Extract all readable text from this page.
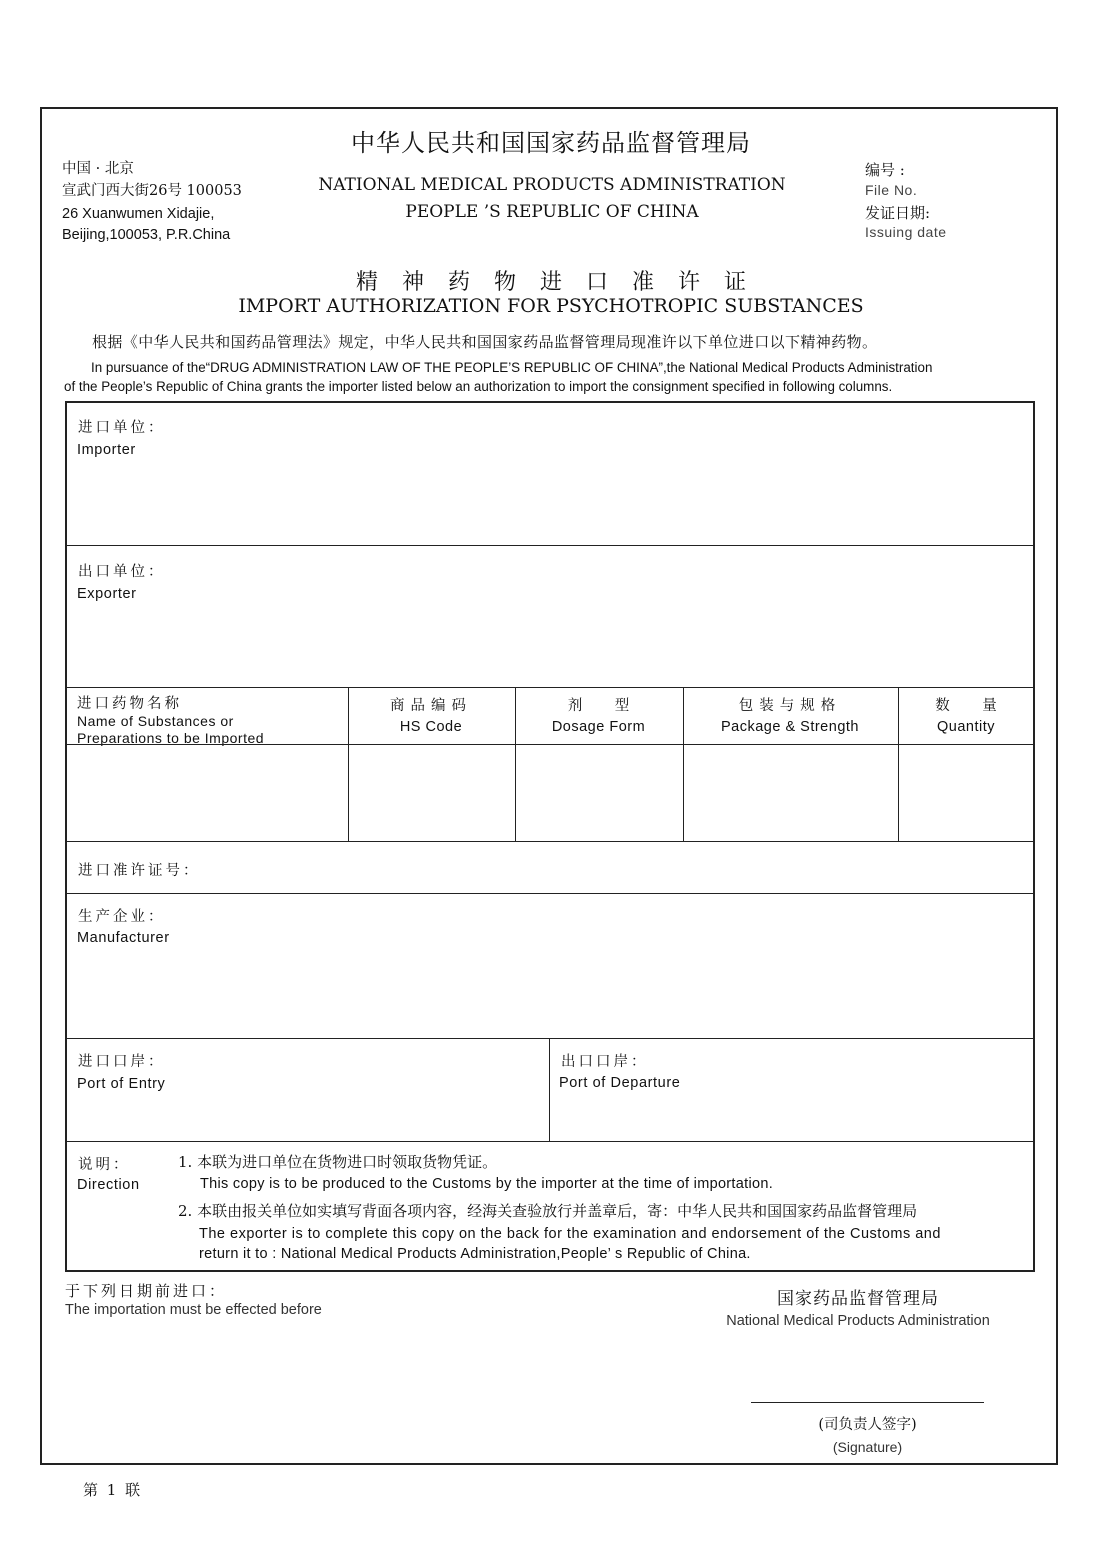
中华人民共和国国家药品监督管理局
中国 · 北京
宣武门西大街26号 100053
26 Xuanwumen Xidajie,
Beijing,100053, P.R.China
NATIONAL MEDICAL PRODUCTS ADMINISTRATION
PEOPLE ’S REPUBLIC OF CHINA
编号 :
File No.
发证日期:
Issuing date
精神药物进口准许证
IMPORT AUTHORIZATION FOR PSYCHOTROPIC SUBSTANCES
根据《中华人民共和国药品管理法》规定，中华人民共和国国家药品监督管理局现准许以下单位进口以下精神药物。
In pursuance of the“DRUG ADMINISTRATION LAW OF THE PEOPLE’S REPUBLIC OF CHINA”,the National Medical Products Administration
of the People’s Republic of China grants the importer listed below an authorization to import the consignment specified in following columns.
进口单位：
Importer
出口单位：
Exporter
进口药物名称
Name of Substances or
Preparations to be Imported
商品编码
HS Code
剂 型
Dosage Form
包装与规格
Package & Strength
数 量
Quantity
进口准许证号：
生产企业：
Manufacturer
进口口岸：
Port of Entry
出口口岸：
Port of Departure
说明：
Direction
1. 本联为进口单位在货物进口时领取货物凭证。
This copy is to be produced to the Customs by the importer at the time of importation.
2. 本联由报关单位如实填写背面各项内容，经海关查验放行并盖章后，寄：中华人民共和国国家药品监督管理局
The exporter is to complete this copy on the back for the examination and endorsement of the Customs and
return it to : National Medical Products Administration,People’ s Republic of China.
于下列日期前进口：
The importation must be effected before
国家药品监督管理局
National Medical Products Administration
(司负责人签字)
(Signature)
第 1 联
